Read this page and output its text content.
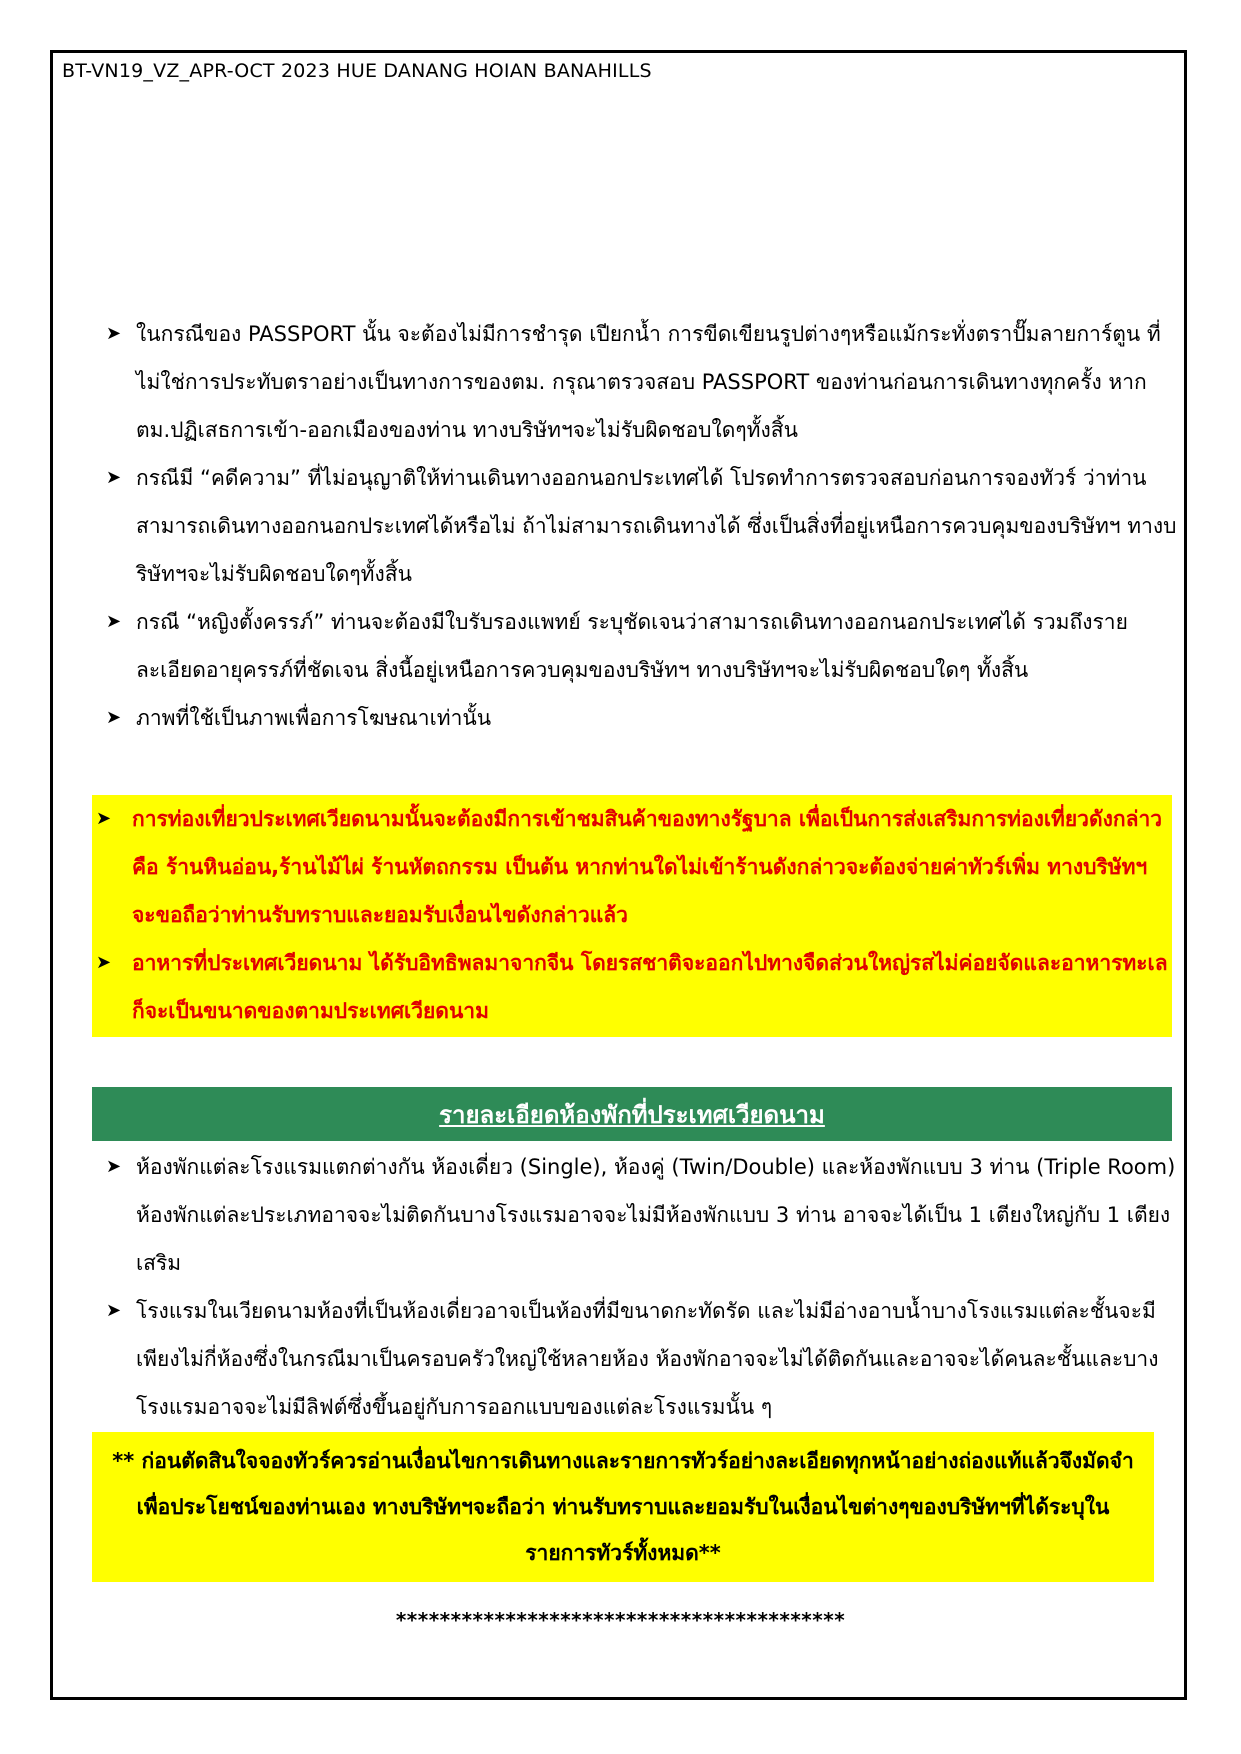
BT-VN19_VZ_APR-OCT 2023 HUE DANANG HOIAN BANAHILLS
➤ ในกรณีของ PASSPORT นั้น จะต้องไม่มีการชำรุด เปียกน้ำ การขีดเขียนรูปต่างๆหรือแม้กระทั่งตราปั๊มลายการ์ตูน ที่ไม่ใช่การประทับตราอย่างเป็นทางการของตม. กรุณาตรวจสอบ PASSPORT ของท่านก่อนการเดินทางทุกครั้ง หาก ตม.ปฏิเสธการเข้า-ออกเมืองของท่าน ทางบริษัทฯจะไม่รับผิดชอบใดๆทั้งสิ้น
➤ กรณีมี “คดีความ” ที่ไม่อนุญาติให้ท่านเดินทางออกนอกประเทศได้ โปรดทำการตรวจสอบก่อนการจองทัวร์ ว่าท่านสามารถเดินทางออกนอกประเทศได้หรือไม่ ถ้าไม่สามารถเดินทางได้ ซึ่งเป็นสิ่งที่อยู่เหนือการควบคุมของบริษัทฯ ทางบริษัทฯจะไม่รับผิดชอบใดๆทั้งสิ้น
➤ กรณี “หญิงตั้งครรภ์” ท่านจะต้องมีใบรับรองแพทย์ ระบุชัดเจนว่าสามารถเดินทางออกนอกประเทศได้ รวมถึงรายละเอียดอายุครรภ์ที่ชัดเจน สิ่งนี้อยู่เหนือการควบคุมของบริษัทฯ ทางบริษัทฯจะไม่รับผิดชอบใดๆ ทั้งสิ้น
➤ ภาพที่ใช้เป็นภาพเพื่อการโฆษณาเท่านั้น
➤ การท่องเที่ยวประเทศเวียดนามนั้นจะต้องมีการเข้าชมสินค้าของทางรัฐบาล เพื่อเป็นการส่งเสริมการท่องเที่ยวดังกล่าว คือ ร้านหินอ่อน,ร้านไม้ไผ่ ร้านหัตถกรรม เป็นต้น หากท่านใดไม่เข้าร้านดังกล่าวจะต้องจ่ายค่าทัวร์เพิ่ม ทางบริษัทฯ จะขอถือว่าท่านรับทราบและยอมรับเงื่อนไขดังกล่าวแล้ว
➤ อาหารที่ประเทศเวียดนาม ได้รับอิทธิพลมาจากจีน โดยรสชาติจะออกไปทางจืดส่วนใหญ่รสไม่ค่อยจัดและอาหารทะเลก็จะเป็นขนาดของตามประเทศเวียดนาม
รายละเอียดห้องพักที่ประเทศเวียดนาม
➤ ห้องพักแต่ละโรงแรมแตกต่างกัน ห้องเดี่ยว (Single), ห้องคู่ (Twin/Double) และห้องพักแบบ 3 ท่าน (Triple Room) ห้องพักแต่ละประเภทอาจจะไม่ติดกันบางโรงแรมอาจจะไม่มีห้องพักแบบ 3 ท่าน อาจจะได้เป็น 1 เตียงใหญ่กับ 1 เตียงเสริม
➤ โรงแรมในเวียดนามห้องที่เป็นห้องเดี่ยวอาจเป็นห้องที่มีขนาดกะทัดรัด และไม่มีอ่างอาบน้ำบางโรงแรมแต่ละชั้นจะมี เพียงไม่กี่ห้องซึ่งในกรณีมาเป็นครอบครัวใหญ่ใช้หลายห้อง ห้องพักอาจจะไม่ได้ติดกันและอาจจะได้คนละชั้นและบาง โรงแรมอาจจะไม่มีลิฟต์ซึ่งขึ้นอยู่กับการออกแบบของแต่ละโรงแรมนั้น ๆ
** ก่อนตัดสินใจจองทัวร์ควรอ่านเงื่อนไขการเดินทางและรายการทัวร์อย่างละเอียดทุกหน้าอย่างถ่องแท้แล้วจึงมัดจำเพื่อประโยชน์ของท่านเอง ทางบริษัทฯจะถือว่า ท่านรับทราบและยอมรับในเงื่อนไขต่างๆของบริษัทฯที่ได้ระบุในรายการทัวร์ทั้งหมด**
*****************************************
